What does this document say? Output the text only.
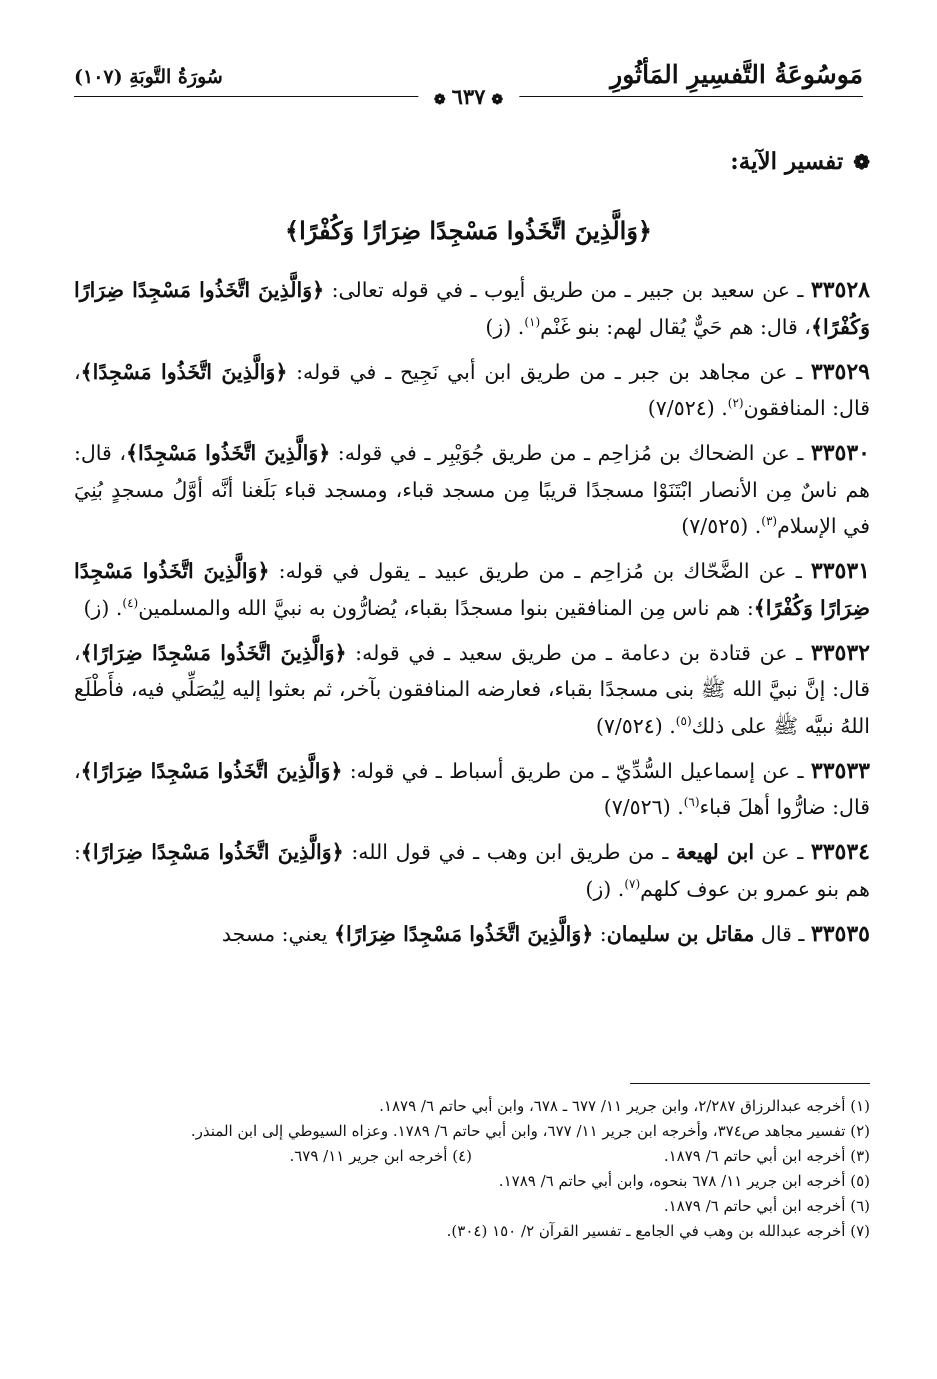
مَوسُوعَةُ التَّفسِيرِ المَأثُورِ
سُورَةُ التَّوبَةِ (١٠٧)
❁٦٣٧❁
❁تفسير الآية:
﴿وَالَّذِينَ اتَّخَذُوا مَسْجِدًا ضِرَارًا وَكُفْرًا﴾

٣٣٥٢٨ ـ عن سعيد بن جبير ـ من طريق أيوب ـ في قوله تعالى: ﴿وَالَّذِينَ اتَّخَذُوا مَسْجِدًا ضِرَارًا وَكُفْرًا﴾، قال: هم حَيٌّ يُقال لهم: بنو غَنْم$^{(١)}$. (ز)

٣٣٥٢٩ ـ عن مجاهد بن جبر ـ من طريق ابن أبي نَجِيح ـ في قوله: ﴿وَالَّذِينَ اتَّخَذُوا مَسْجِدًا﴾، قال: المنافقون$^{(٢)}$. (٧/٥٢٤)

٣٣٥٣٠ ـ عن الضحاك بن مُزاحِم ـ من طريق جُوَيْبِر ـ في قوله: ﴿وَالَّذِينَ اتَّخَذُوا مَسْجِدًا﴾، قال: هم ناسٌ مِن الأنصار ابْتَنَوْا مسجدًا قريبًا مِن مسجد قباء، ومسجد قباء بَلَغنا أنَّه أوَّلُ مسجدٍ بُنِيَ في الإسلام$^{(٣)}$. (٧/٥٢٥)

٣٣٥٣١ ـ عن الضَّحّاك بن مُزاحِم ـ من طريق عبيد ـ يقول في قوله: ﴿وَالَّذِينَ اتَّخَذُوا مَسْجِدًا ضِرَارًا وَكُفْرًا﴾: هم ناس مِن المنافقين بنوا مسجدًا بقباء، يُضارُّون به نبيَّ الله والمسلمين$^{(٤)}$. (ز)

٣٣٥٣٢ ـ عن قتادة بن دعامة ـ من طريق سعيد ـ في قوله: ﴿وَالَّذِينَ اتَّخَذُوا مَسْجِدًا ضِرَارًا﴾، قال: إنَّ نبيَّ الله ﷺ بنى مسجدًا بقباء، فعارضه المنافقون بآخر، ثم بعثوا إليه لِيُصَلِّي فيه، فأَطْلَع اللهُ نبيَّه ﷺ على ذلك$^{(٥)}$. (٧/٥٢٤)

٣٣٥٣٣ ـ عن إسماعيل السُّدِّيّ ـ من طريق أسباط ـ في قوله: ﴿وَالَّذِينَ اتَّخَذُوا مَسْجِدًا ضِرَارًا﴾، قال: ضارُّوا أهلَ قباء$^{(٦)}$. (٧/٥٢٦)

٣٣٥٣٤ ـ عن ابن لهيعة ـ من طريق ابن وهب ـ في قول الله: ﴿وَالَّذِينَ اتَّخَذُوا مَسْجِدًا ضِرَارًا﴾: هم بنو عمرو بن عوف كلهم$^{(٧)}$. (ز)

٣٣٥٣٥ ـ قال مقاتل بن سليمان: ﴿وَالَّذِينَ اتَّخَذُوا مَسْجِدًا ضِرَارًا﴾ يعني: مسجد

(١) أخرجه عبدالرزاق ٢/٢٨٧، وابن جرير ١١/ ٦٧٧ ـ ٦٧٨، وابن أبي حاتم ٦/ ١٨٧٩.

(٢) تفسير مجاهد ص٣٧٤، وأخرجه ابن جرير ١١/ ٦٧٧، وابن أبي حاتم ٦/ ١٧٨٩. وعزاه السيوطي إلى ابن المنذر.

(٣) أخرجه ابن أبي حاتم ٦/ ١٨٧٩.

(٤) أخرجه ابن جرير ١١/ ٦٧٩.

(٥) أخرجه ابن جرير ١١/ ٦٧٨ بنحوه، وابن أبي حاتم ٦/ ١٧٨٩.

(٦) أخرجه ابن أبي حاتم ٦/ ١٨٧٩.

(٧) أخرجه عبدالله بن وهب في الجامع ـ تفسير القرآن ٢/ ١٥٠ (٣٠٤).
